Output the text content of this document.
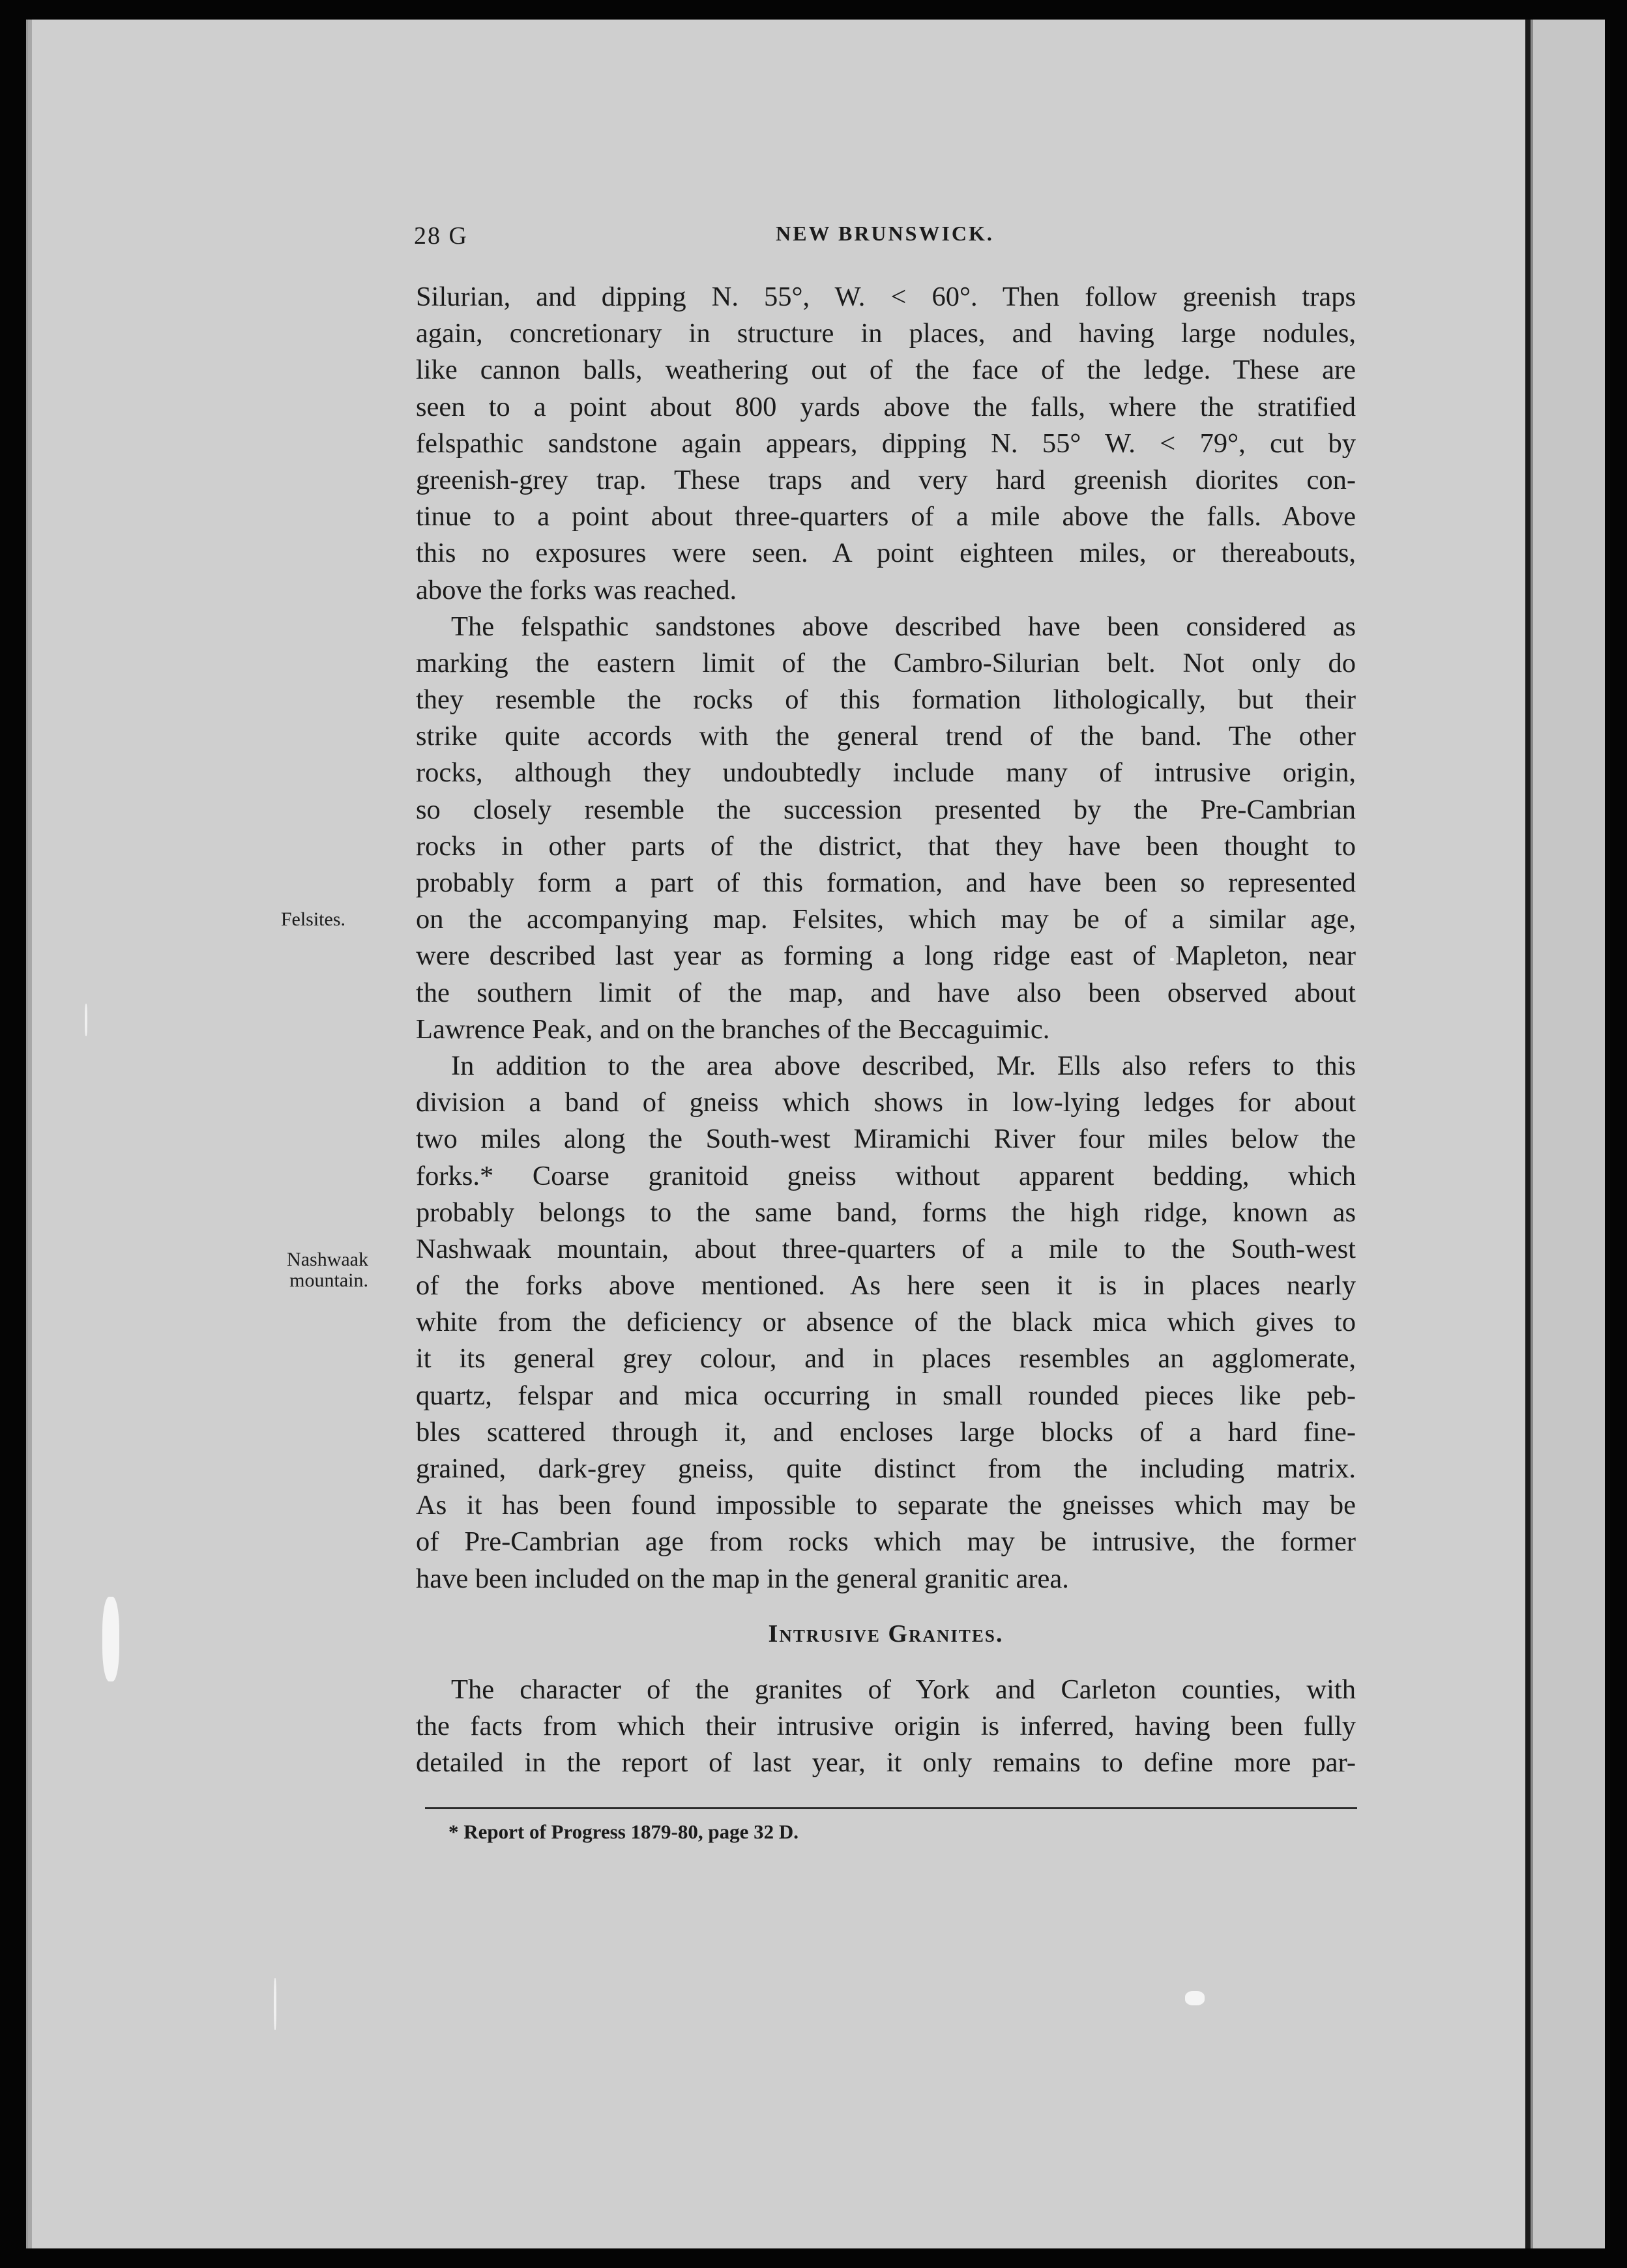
28 G	NEW BRUNSWICK.
Felsites.
Nashwaak
mountain.
Silurian, and dipping N. 55°, W. < 60°. Then follow greenish traps
again, concretionary in structure in places, and having large nodules,
like cannon balls, weathering out of the face of the ledge. These are
seen to a point about 800 yards above the falls, where the stratified
felspathic sandstone again appears, dipping N. 55° W. < 79°, cut by
greenish-grey trap. These traps and very hard greenish diorites con-
tinue to a point about three-quarters of a mile above the falls. Above
this no exposures were seen. A point eighteen miles, or thereabouts,
above the forks was reached.
The felspathic sandstones above described have been considered as
marking the eastern limit of the Cambro-Silurian belt. Not only do
they resemble the rocks of this formation lithologically, but their
strike quite accords with the general trend of the band. The other
rocks, although they undoubtedly include many of intrusive origin,
so closely resemble the succession presented by the Pre-Cambrian
rocks in other parts of the district, that they have been thought to
probably form a part of this formation, and have been so represented
on the accompanying map. Felsites, which may be of a similar age,
were described last year as forming a long ridge east of Mapleton, near
the southern limit of the map, and have also been observed about
Lawrence Peak, and on the branches of the Beccaguimic.
In addition to the area above described, Mr. Ells also refers to this
division a band of gneiss which shows in low-lying ledges for about
two miles along the South-west Miramichi River four miles below the
forks.* Coarse granitoid gneiss without apparent bedding, which
probably belongs to the same band, forms the high ridge, known as
Nashwaak mountain, about three-quarters of a mile to the South-west
of the forks above mentioned. As here seen it is in places nearly
white from the deficiency or absence of the black mica which gives to
it its general grey colour, and in places resembles an agglomerate,
quartz, felspar and mica occurring in small rounded pieces like peb-
bles scattered through it, and encloses large blocks of a hard fine-
grained, dark-grey gneiss, quite distinct from the including matrix.
As it has been found impossible to separate the gneisses which may be
of Pre-Cambrian age from rocks which may be intrusive, the former
have been included on the map in the general granitic area.
Intrusive Granites.
The character of the granites of York and Carleton counties, with
the facts from which their intrusive origin is inferred, having been fully
detailed in the report of last year, it only remains to define more par-
* Report of Progress 1879-80, page 32 D.
